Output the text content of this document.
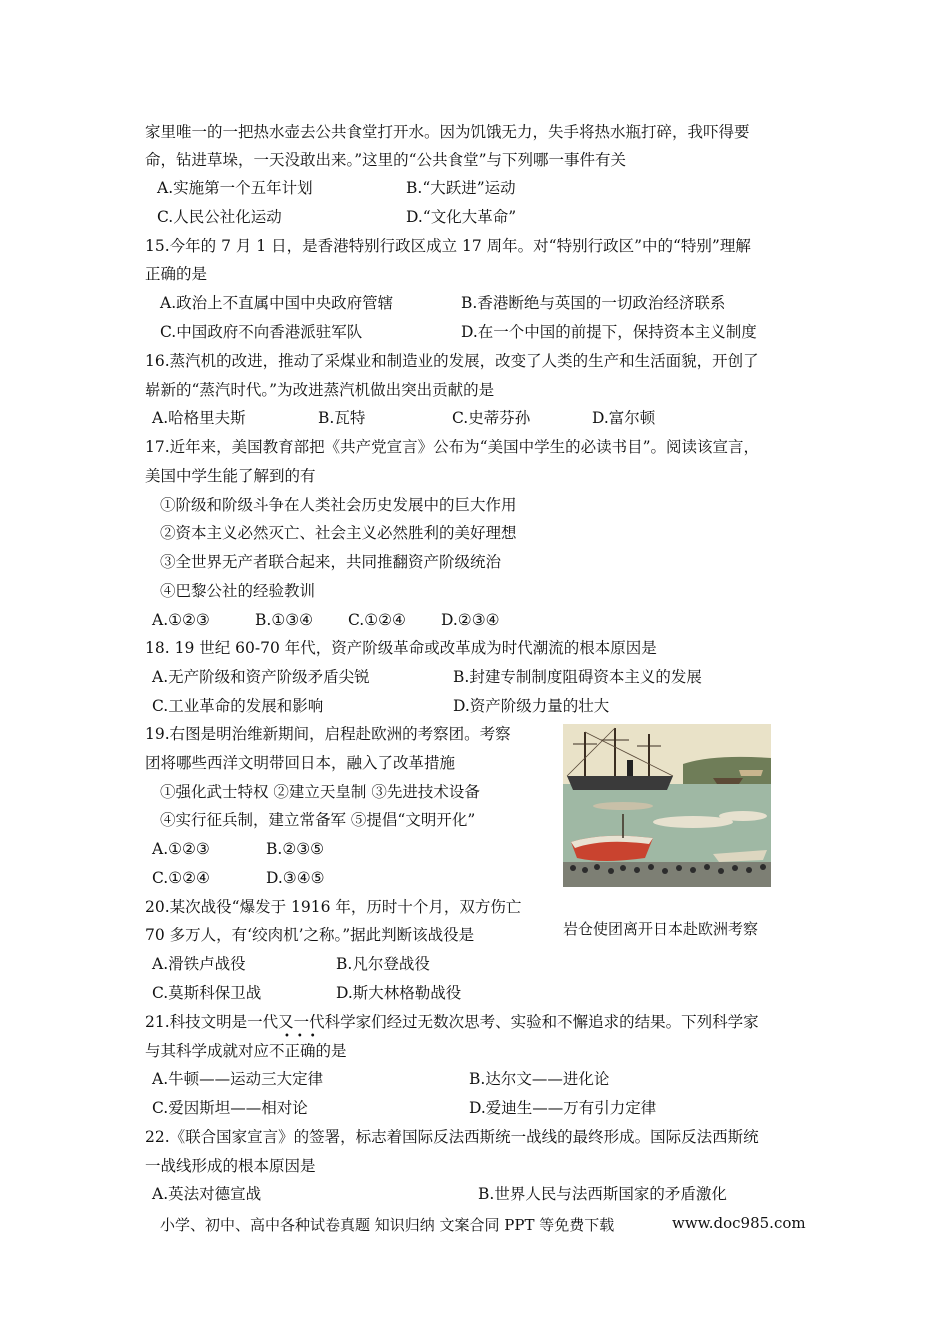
家里唯一的一把热水壶去公共食堂打开水。因为饥饿无力，失手将热水瓶打碎，我吓得要
命，钻进草垛，一天没敢出来。”这里的“公共食堂”与下列哪一事件有关
A.实施第一个五年计划	B.“大跃进”运动
C.人民公社化运动	D.“文化大革命”
15.今年的 7 月 1 日，是香港特别行政区成立 17 周年。对“特别行政区”中的“特别”理解
正确的是
A.政治上不直属中国中央政府管辖	B.香港断绝与英国的一切政治经济联系
C.中国政府不向香港派驻军队	D.在一个中国的前提下，保持资本主义制度
16.蒸汽机的改进，推动了采煤业和制造业的发展，改变了人类的生产和生活面貌，开创了
崭新的“蒸汽时代。”为改进蒸汽机做出突出贡献的是
A.哈格里夫斯	B.瓦特	C.史蒂芬孙	D.富尔顿
17.近年来，美国教育部把《共产党宣言》公布为“美国中学生的必读书目”。阅读该宣言，
美国中学生能了解到的有
①阶级和阶级斗争在人类社会历史发展中的巨大作用
②资本主义必然灭亡、社会主义必然胜利的美好理想
③全世界无产者联合起来，共同推翻资产阶级统治
④巴黎公社的经验教训
A.①②③	B.①③④ C.①②④ D.②③④
18. 19 世纪 60-70 年代，资产阶级革命或改革成为时代潮流的根本原因是
A.无产阶级和资产阶级矛盾尖锐	B.封建专制制度阻碍资本主义的发展
C.工业革命的发展和影响	D.资产阶级力量的壮大
19.右图是明治维新期间，启程赴欧洲的考察团。考察
团将哪些西洋文明带回日本，融入了改革措施
①强化武士特权 ②建立天皇制 ③先进技术设备
④实行征兵制，建立常备军 ⑤提倡“文明开化”
A.①②③	B.②③⑤
C.①②④	D.③④⑤
岩仓使团离开日本赴欧洲考察
20.某次战役“爆发于 1916 年，历时十个月，双方伤亡
70 多万人，有‘绞肉机’之称。”据此判断该战役是
A.滑铁卢战役	B.凡尔登战役
C.莫斯科保卫战	D.斯大林格勒战役
21.科技文明是一代又一代科学家们经过无数次思考、实验和不懈追求的结果。下列科学家
•••
与其科学成就对应不正确的是
A.牛顿——运动三大定律	B.达尔文——进化论
C.爱因斯坦——相对论	D.爱迪生——万有引力定律
22.《联合国家宣言》的签署，标志着国际反法西斯统一战线的最终形成。国际反法西斯统
一战线形成的根本原因是
A.英法对德宣战	B.世界人民与法西斯国家的矛盾激化
小学、初中、高中各种试卷真题 知识归纳 文案合同 PPT 等免费下载	www.doc985.com
